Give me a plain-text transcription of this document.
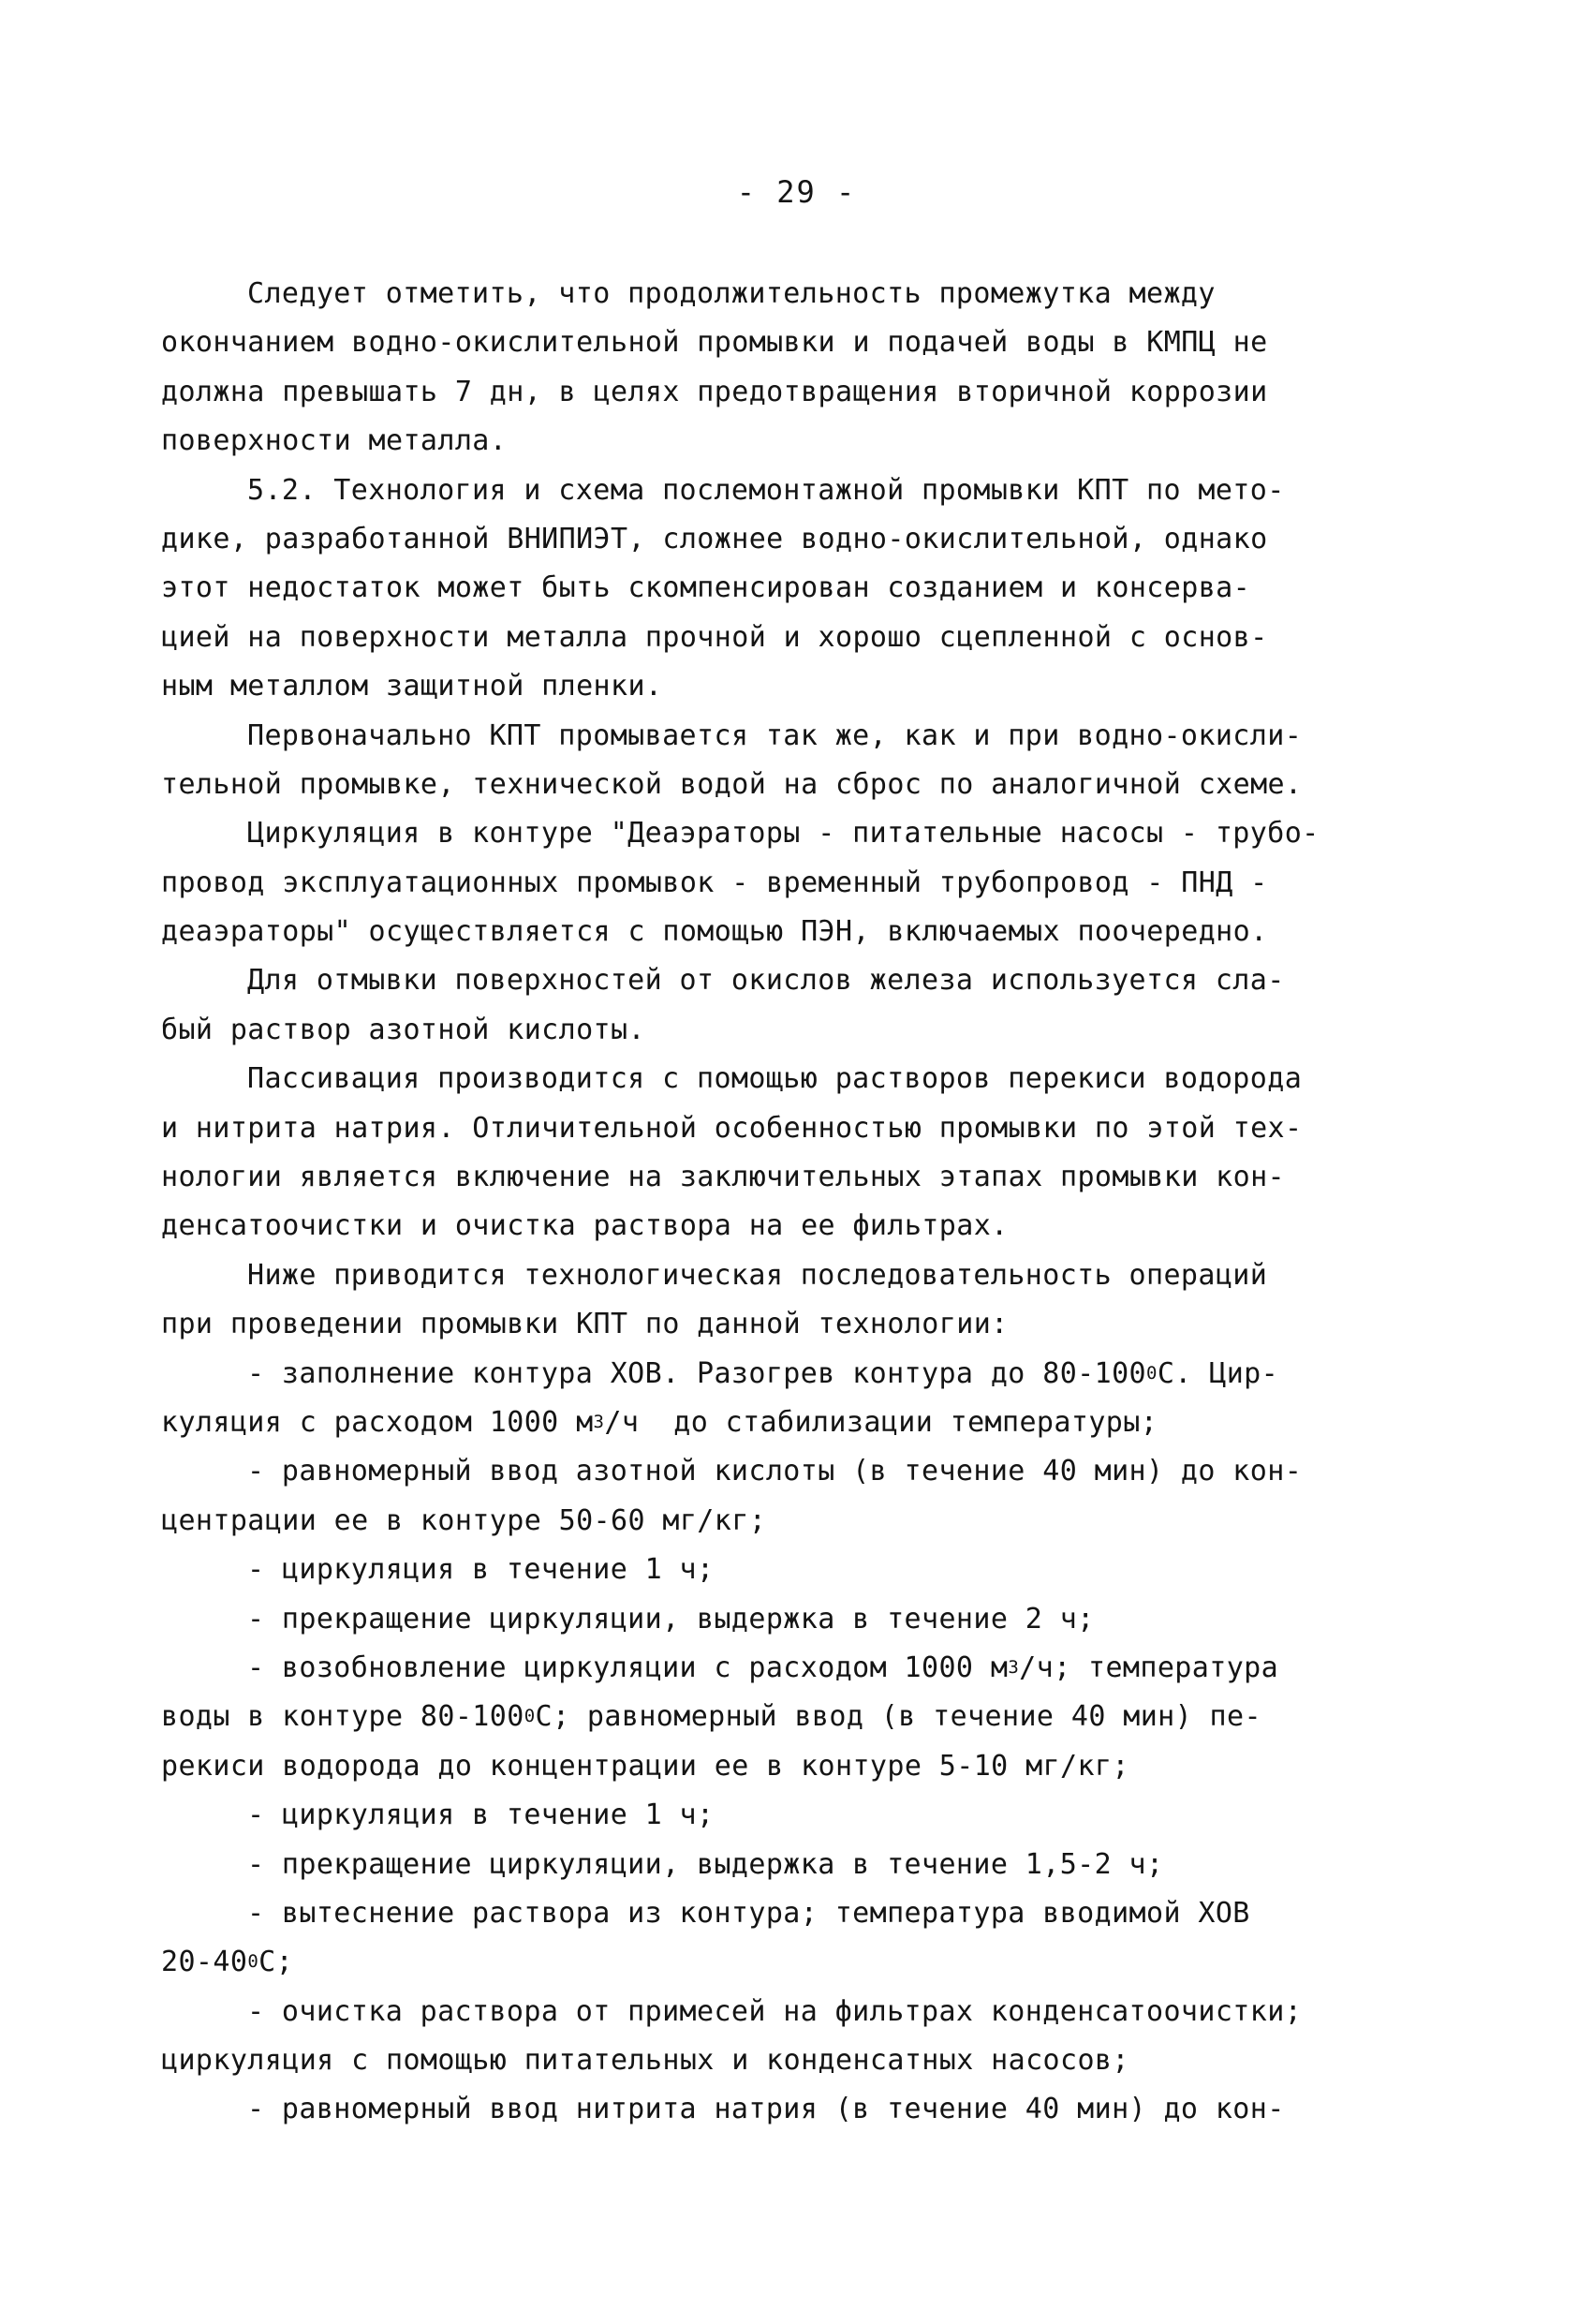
- 29 -
Следует отметить, что продолжительность промежутка между
окончанием водно-окислительной промывки и подачей воды в КМПЦ не
должна превышать 7 дн, в целях предотвращения вторичной коррозии
поверхности металла.
5.2. Технология и схема послемонтажной промывки КПТ по мето-
дике, разработанной ВНИПИЭТ, сложнее водно-окислительной, однако
этот недостаток может быть скомпенсирован созданием и консерва-
цией на поверхности металла прочной и хорошо сцепленной с основ-
ным металлом защитной пленки.
Первоначально КПТ промывается так же, как и при водно-окисли-
тельной промывке, технической водой на сброс по аналогичной схеме.
Циркуляция в контуре "Деаэраторы - питательные насосы - трубо-
провод эксплуатационных промывок - временный трубопровод - ПНД -
деаэраторы" осуществляется с помощью ПЭН, включаемых поочередно.
Для отмывки поверхностей от окислов железа используется сла-
бый раствор азотной кислоты.
Пассивация производится с помощью растворов перекиси водорода
и нитрита натрия. Отличительной особенностью промывки по этой тех-
нологии является включение на заключительных этапах промывки кон-
денсатоочистки и очистка раствора на ее фильтрах.
Ниже приводится технологическая последовательность операций
при проведении промывки КПТ по данной технологии:
- заполнение контура ХОВ. Разогрев контура до $80-100^0С$. Цир-
куляция с расходом 1000 $м^3/ч$  до стабилизации температуры;
- равномерный ввод азотной кислоты (в течение 40 мин) до кон-
центрации ее в контуре 50-60 мг/кг;
- циркуляция в течение 1 ч;
- прекращение циркуляции, выдержка в течение 2 ч;
- возобновление циркуляции с расходом 1000 $м^3/ч$; температура
воды в контуре $80-100^0С$; равномерный ввод (в течение 40 мин) пе-
рекиси водорода до концентрации ее в контуре 5-10 мг/кг;
- циркуляция в течение 1 ч;
- прекращение циркуляции, выдержка в течение 1,5-2 ч;
- вытеснение раствора из контура; температура вводимой ХОВ
$20-40^0С$;
- очистка раствора от примесей на фильтрах конденсатоочистки;
циркуляция с помощью питательных и конденсатных насосов;
- равномерный ввод нитрита натрия (в течение 40 мин) до кон-
